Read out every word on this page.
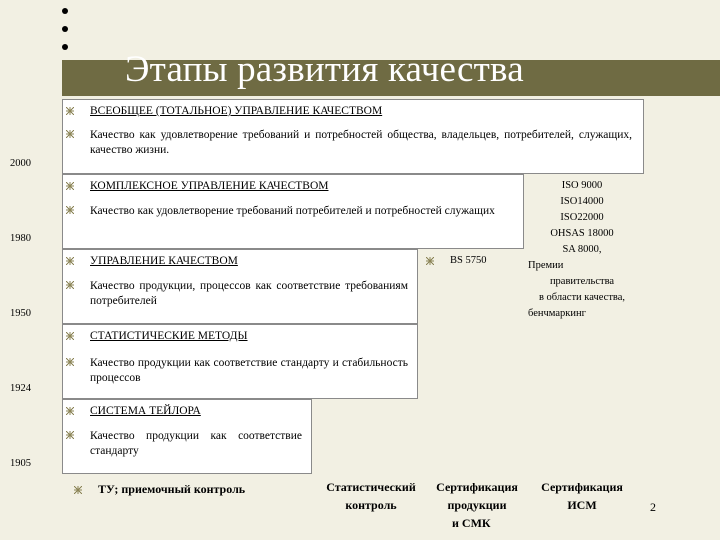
Этапы развития качества
2000
1980
1950
1924
1905
ВСЕОБЩЕЕ (ТОТАЛЬНОЕ) УПРАВЛЕНИЕ КАЧЕСТВОМ
Качество как удовлетворение требований и потребностей общества, владельцев, потребителей, служащих, качество жизни.
КОМПЛЕКСНОЕ УПРАВЛЕНИЕ КАЧЕСТВОМ
Качество как удовлетворение требований потребителей и потребностей служащих
УПРАВЛЕНИЕ КАЧЕСТВОМ	BS 5750
Качество продукции, процессов как соответствие требованиям потребителей
СТАТИСТИЧЕСКИЕ МЕТОДЫ
Качество продукции как соответствие стандарту и стабильность процессов
СИСТЕМА ТЕЙЛОРА
Качество продукции как соответствие стандарту
ISO 9000
ISO14000
ISO22000
OHSAS 18000
SA 8000,
Премии
правительства
в области качества,
бенчмаркинг
ТУ; приемочный контроль	Статистический
контроль
Сертификация
продукции
и СМК
Сертификация
ИСМ	2
